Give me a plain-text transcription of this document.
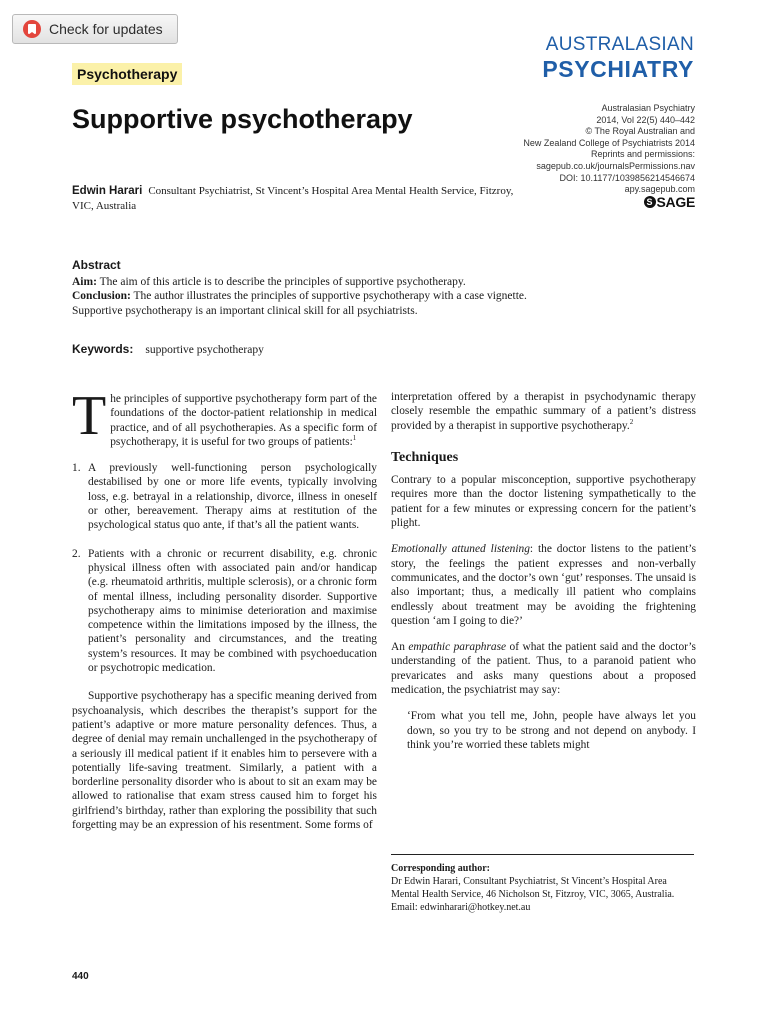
Check for updates
AUSTRALASIAN
PSYCHIATRY
Psychotherapy
Supportive psychotherapy	Australasian Psychiatry
2014, Vol 22(5) 440–442
© The Royal Australian and
New Zealand College of Psychiatrists 2014
Reprints and permissions:
sagepub.co.uk/journalsPermissions.nav
DOI: 10.1177/1039856214546674
apy.sagepub.com
S SAGE
Edwin Harari Consultant Psychiatrist, St Vincent’s Hospital Area Mental Health Service, Fitzroy, VIC, Australia
Abstract
Aim: The aim of this article is to describe the principles of supportive psychotherapy.
Conclusion: The author illustrates the principles of supportive psychotherapy with a case vignette.
Supportive psychotherapy is an important clinical skill for all psychiatrists.
Keywords: supportive psychotherapy

The principles of supportive psychotherapy form part of the foundations of the doctor-patient relationship in medical practice, and of all psychotherapies. As a specific form of psychotherapy, it is useful for two groups of patients:$^1$

1. A previously well-functioning person psychologically destabilised by one or more life events, typically involving loss, e.g. betrayal in a relationship, divorce, illness in oneself or other, bereavement. Therapy aims at restitution of the psychological status quo ante, if that’s all the patient wants.
2. Patients with a chronic or recurrent disability, e.g. chronic physical illness often with associated pain and/or handicap (e.g. rheumatoid arthritis, multiple sclerosis), or a chronic form of mental illness, including personality disorder. Supportive psychotherapy aims to minimise deterioration and maximise competence within the limitations imposed by the illness, the patient’s personality and circumstances, and the treating system’s resources. It may be combined with psychoeducation or psychotropic medication.

Supportive psychotherapy has a specific meaning derived from psychoanalysis, which describes the therapist’s support for the patient’s adaptive or more mature personality defences. Thus, a degree of denial may remain unchallenged in the psychotherapy of a seriously ill medical patient if it enables him to persevere with a potentially life-saving treatment. Similarly, a patient with a borderline personality disorder who is about to sit an exam may be allowed to rationalise that exam stress caused him to forget his girlfriend’s birthday, rather than exploring the possibility that such forgetting may be an expression of his resentment. Some forms of

interpretation offered by a therapist in psychodynamic therapy closely resemble the empathic summary of a patient’s distress provided by a therapist in supportive psychotherapy.$^2$

Techniques

Contrary to a popular misconception, supportive psychotherapy requires more than the doctor listening sympathetically to the patient for a few minutes or expressing concern for the patient’s plight.

Emotionally attuned listening: the doctor listens to the patient’s story, the feelings the patient expresses and non-verbally communicates, and the doctor’s own ‘gut’ responses. The unsaid is also important; thus, a medically ill patient who complains endlessly about treatment may be avoiding the frightening question ‘am I going to die?’

An empathic paraphrase of what the patient said and the doctor’s understanding of the patient. Thus, to a paranoid patient who prevaricates and asks many questions about a proposed medication, the psychiatrist may say:

‘From what you tell me, John, people have always let you down, so you try to be strong and not depend on anybody. I think you’re worried these tablets might

Corresponding author:
Dr Edwin Harari, Consultant Psychiatrist, St Vincent’s Hospital Area Mental Health Service, 46 Nicholson St, Fitzroy, VIC, 3065, Australia.
Email: edwinharari@hotkey.net.au
440
